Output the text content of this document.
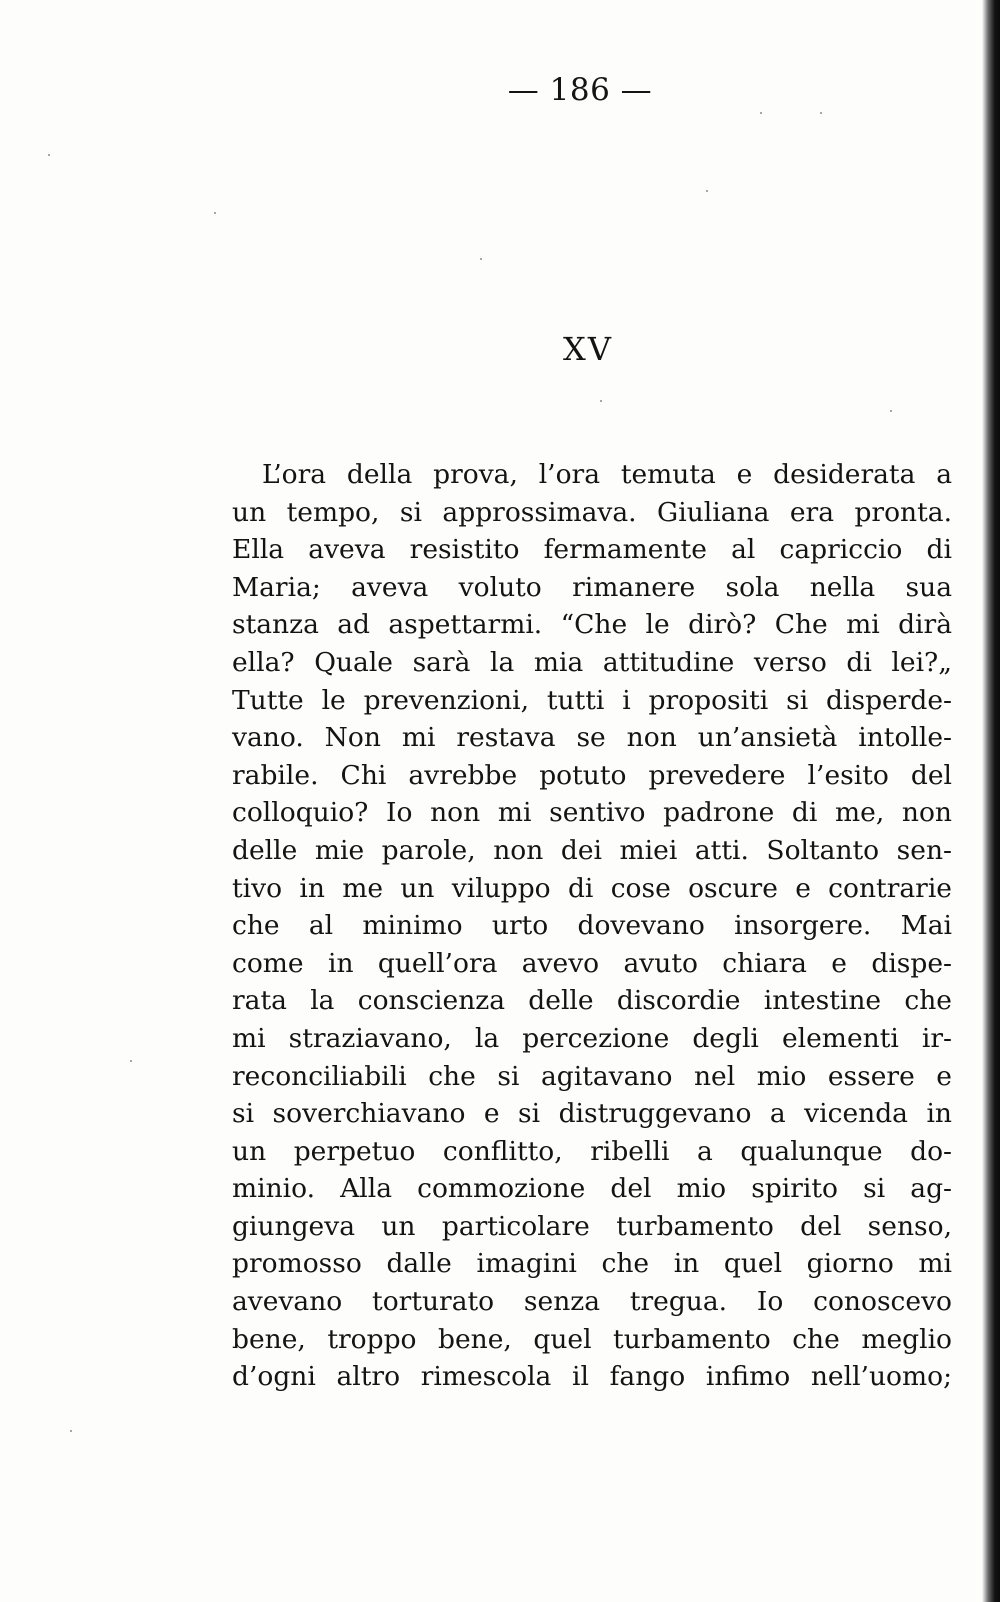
— 186 —
XV
L’ora della prova, l’ora temuta e desiderata a
un tempo, si approssimava. Giuliana era pronta.
Ella aveva resistito fermamente al capriccio di
Maria; aveva voluto rimanere sola nella sua
stanza ad aspettarmi. “Che le dirò? Che mi dirà
ella? Quale sarà la mia attitudine verso di lei?„
Tutte le prevenzioni, tutti i propositi si disperde-
vano. Non mi restava se non un’ansietà intolle-
rabile. Chi avrebbe potuto prevedere l’esito del
colloquio? Io non mi sentivo padrone di me, non
delle mie parole, non dei miei atti. Soltanto sen-
tivo in me un viluppo di cose oscure e contrarie
che al minimo urto dovevano insorgere. Mai
come in quell’ora avevo avuto chiara e dispe-
rata la conscienza delle discordie intestine che
mi straziavano, la percezione degli elementi ir-
reconciliabili che si agitavano nel mio essere e
si soverchiavano e si distruggevano a vicenda in
un perpetuo conflitto, ribelli a qualunque do-
minio. Alla commozione del mio spirito si ag-
giungeva un particolare turbamento del senso,
promosso dalle imagini che in quel giorno mi
avevano torturato senza tregua. Io conoscevo
bene, troppo bene, quel turbamento che meglio
d’ogni altro rimescola il fango infimo nell’uomo;
